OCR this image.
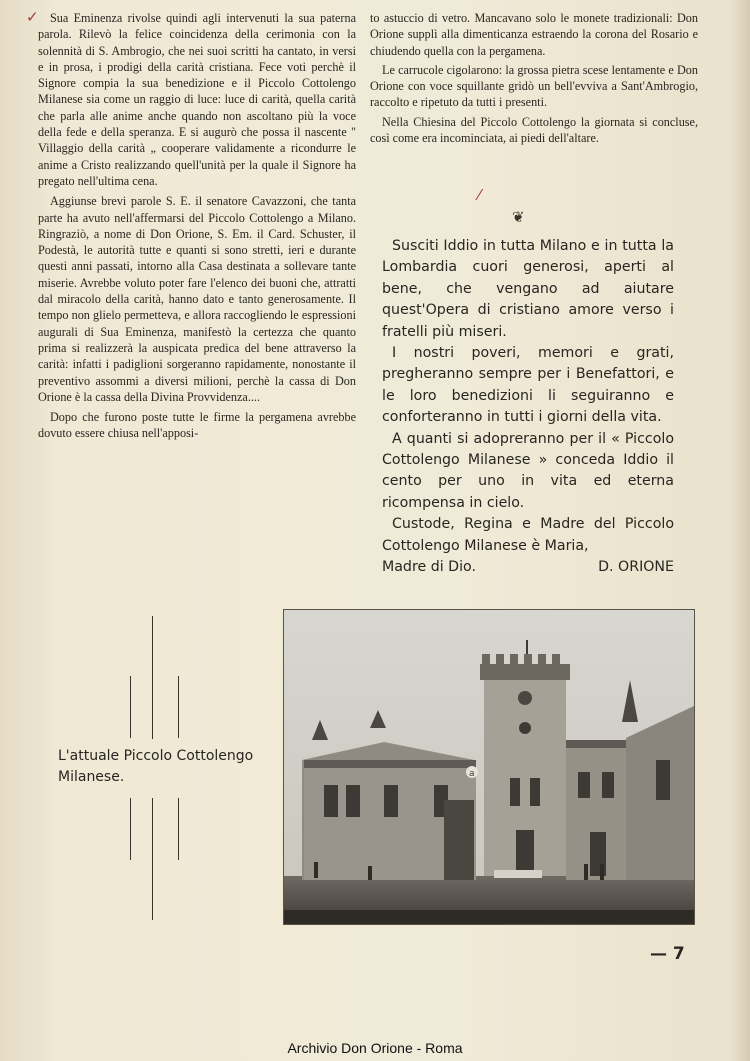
✓ Sua Eminenza rivolse quindi agli intervenuti la sua paterna parola. Rilevò la felice coincidenza della cerimonia con la solennità di S. Ambrogio, che nei suoi scritti ha cantato, in versi e in prosa, i prodigi della carità cristiana. Fece voti perchè il Signore compia la sua benedizione e il Piccolo Cottolengo Milanese sia come un raggio di luce: luce di carità, quella carità che parla alle anime anche quando non ascoltano più la voce della fede e della speranza. E si augurò che possa il nascente " Villaggio della carità „ cooperare validamente a ricondurre le anime a Cristo realizzando quell'unità per la quale il Signore ha pregato nell'ultima cena.

Aggiunse brevi parole S. E. il senatore Cavazzoni, che tanta parte ha avuto nell'affermarsi del Piccolo Cottolengo a Milano. Ringraziò, a nome di Don Orione, S. Em. il Card. Schuster, il Podestà, le autorità tutte e quanti si sono stretti, ieri e durante questi anni passati, intorno alla Casa destinata a sollevare tante miserie. Avrebbe voluto poter fare l'elenco dei buoni che, attratti dal miracolo della carità, hanno dato e tanto generosamente. Il tempo non glielo permetteva, e allora raccogliendo le espressioni augurali di Sua Eminenza, manifestò la certezza che quanto prima si realizzerà la auspicata predica del bene attraverso la carità: infatti i padiglioni sorgeranno rapidamente, nonostante il preventivo assommi a diversi milioni, perchè la cassa di Don Orione è la cassa della Divina Provvidenza....

Dopo che furono poste tutte le firme la pergamena avrebbe dovuto essere chiusa nell'apposi-

to astuccio di vetro. Mancavano solo le monete tradizionali: Don Orione supplì alla dimenticanza estraendo la corona del Rosario e chiudendo quella con la pergamena.

Le carrucole cigolarono: la grossa pietra scese lentamente e Don Orione con voce squillante gridò un bell'evviva a Sant'Ambrogio, raccolto e ripetuto da tutti i presenti.

Nella Chiesina del Piccolo Cottolengo la giornata si concluse, così come era incominciata, ai piedi dell'altare.

⁄
❦

Susciti Iddio in tutta Milano e in tutta la Lombardia cuori generosi, aperti al bene, che vengano ad aiutare quest'Opera di cristiano amore verso i fratelli più miseri.

I nostri poveri, memori e grati, pregheranno sempre per i Benefattori, e le loro benedizioni li seguiranno e conforteranno in tutti i giorni della vita.

A quanti si adopreranno per il « Piccolo Cottolengo Milanese » conceda Iddio il cento per uno in vita ed eterna ricompensa in cielo.

Custode, Regina e Madre del Piccolo Cottolengo Milanese è Maria,

Madre di Dio.	D. ORIONE
L'attuale Piccolo Cottolengo Milanese.	a
— 7
Archivio Don Orione - Roma
